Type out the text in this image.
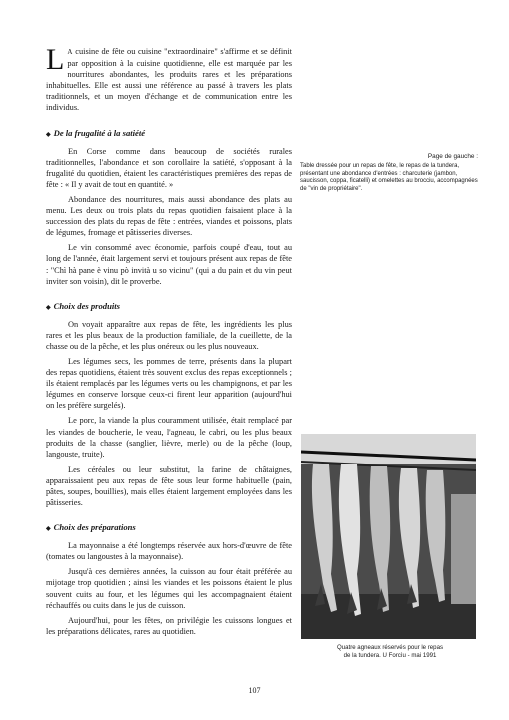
L A cuisine de fête ou cuisine "extraordinaire" s'affirme et se définit par opposition à la cuisine quotidienne, elle est marquée par les nourritures abondantes, les produits rares et les préparations inhabituelles. Elle est aussi une référence au passé à travers les plats traditionnels, et un moyen d'échange et de communication entre les individus.

◆ De la frugalité à la satiété

En Corse comme dans beaucoup de sociétés rurales traditionnelles, l'abondance et son corollaire la satiété, s'opposant à la frugalité du quotidien, étaient les caractéristiques premières des repas de fête : « Il y avait de tout en quantité. »

Abondance des nourritures, mais aussi abondance des plats au menu. Les deux ou trois plats du repas quotidien faisaient place à la succession des plats du repas de fête : entrées, viandes et poissons, plats de légumes, fromage et pâtisseries diverses.

Le vin consommé avec économie, parfois coupé d'eau, tout au long de l'année, était largement servi et toujours présent aux repas de fête : "Chì hà pane è vinu pò invità u so vicinu" (qui a du pain et du vin peut inviter son voisin), dit le proverbe.

◆ Choix des produits

On voyait apparaître aux repas de fête, les ingrédients les plus rares et les plus beaux de la production familiale, de la cueillette, de la chasse ou de la pêche, et les plus onéreux ou les plus nouveaux.

Les légumes secs, les pommes de terre, présents dans la plupart des repas quotidiens, étaient très souvent exclus des repas exceptionnels ; ils étaient remplacés par les légumes verts ou les champignons, et par les légumes en conserve lorsque ceux-ci firent leur apparition (aujourd'hui on les préfère surgelés).

Le porc, la viande la plus couramment utilisée, était remplacé par les viandes de boucherie, le veau, l'agneau, le cabri, ou les plus beaux produits de la chasse (sanglier, lièvre, merle) ou de la pêche (loup, langouste, truite).

Les céréales ou leur substitut, la farine de châtaignes, apparaissaient peu aux repas de fête sous leur forme habituelle (pain, pâtes, soupes, bouillies), mais elles étaient largement employées dans les pâtisseries.

◆ Choix des préparations

La mayonnaise a été longtemps réservée aux hors-d'œuvre de fête (tomates ou langoustes à la mayonnaise).

Jusqu'à ces dernières années, la cuisson au four était préférée au mijotage trop quotidien ; ainsi les viandes et les poissons étaient le plus souvent cuits au four, et les légumes qui les accompagnaient étaient réchauffés ou cuits dans le jus de cuisson.

Aujourd'hui, pour les fêtes, on privilégie les cuissons longues et les préparations délicates, rares au quotidien.

Page de gauche :
Table dressée pour un repas de fête, le repas de la tundera, présentant une abondance d'entrées : charcuterie (jambon, saucisson, coppa, ficatelli) et omelettes au brocciu, accompagnées de "vin de propriétaire".
Quatre agneaux réservés pour le repas
de la tundera. U Forcìu - mai 1991
107
